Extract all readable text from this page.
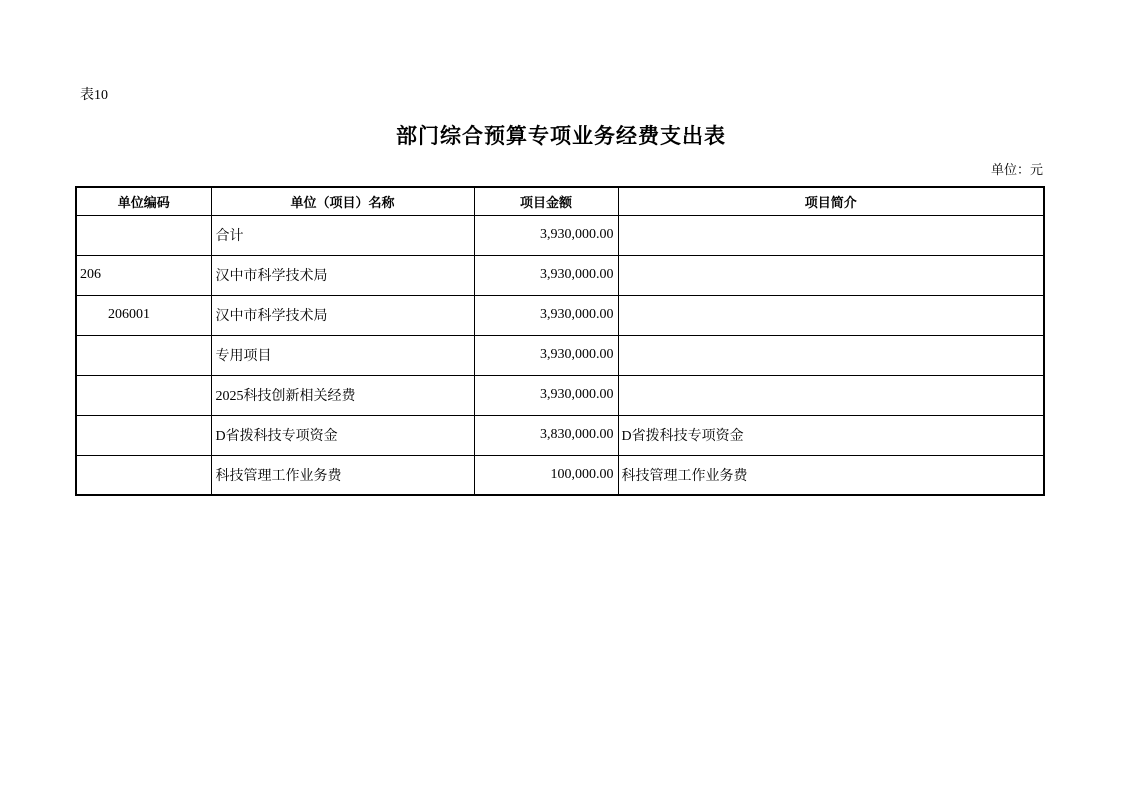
表10
部门综合预算专项业务经费支出表
单位：元
单位编码	单位（项目）名称	项目金额	项目简介
	合计	3,930,000.00	
206	汉中市科学技术局	3,930,000.00	
206001	汉中市科学技术局	3,930,000.00	
	专用项目	3,930,000.00	
	2025科技创新相关经费	3,930,000.00	
	D省拨科技专项资金	3,830,000.00	D省拨科技专项资金
	科技管理工作业务费	100,000.00	科技管理工作业务费
